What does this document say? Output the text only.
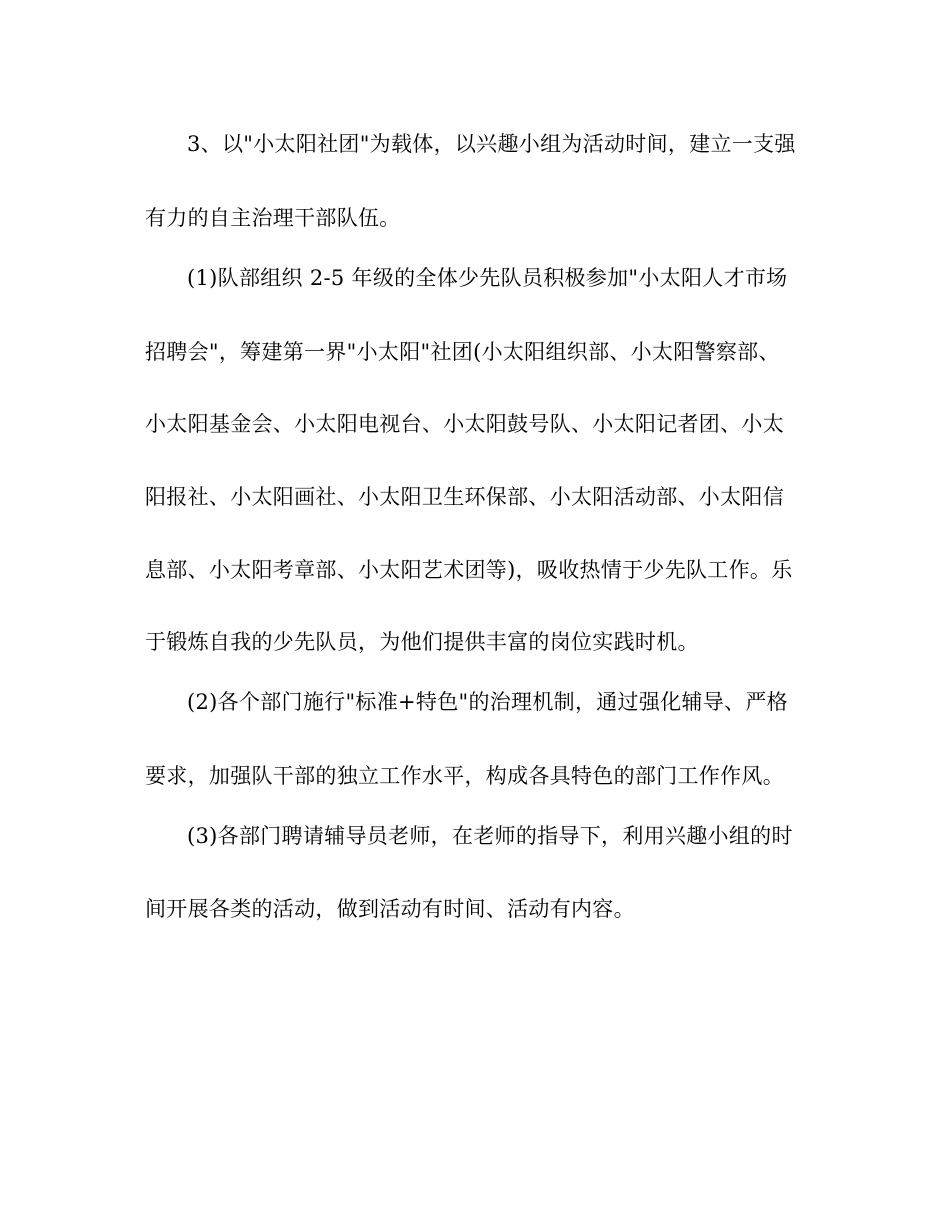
3、以"小太阳社团"为载体，以兴趣小组为活动时间，建立一支强
有力的自主治理干部队伍。
(1)队部组织 2-5 年级的全体少先队员积极参加"小太阳人才市场
招聘会"，筹建第一界"小太阳"社团(小太阳组织部、小太阳警察部、
小太阳基金会、小太阳电视台、小太阳鼓号队、小太阳记者团、小太
阳报社、小太阳画社、小太阳卫生环保部、小太阳活动部、小太阳信
息部、小太阳考章部、小太阳艺术团等)，吸收热情于少先队工作。乐
于锻炼自我的少先队员，为他们提供丰富的岗位实践时机。
(2)各个部门施行"标准+特色"的治理机制，通过强化辅导、严格
要求，加强队干部的独立工作水平，构成各具特色的部门工作作风。
(3)各部门聘请辅导员老师，在老师的指导下，利用兴趣小组的时
间开展各类的活动，做到活动有时间、活动有内容。
